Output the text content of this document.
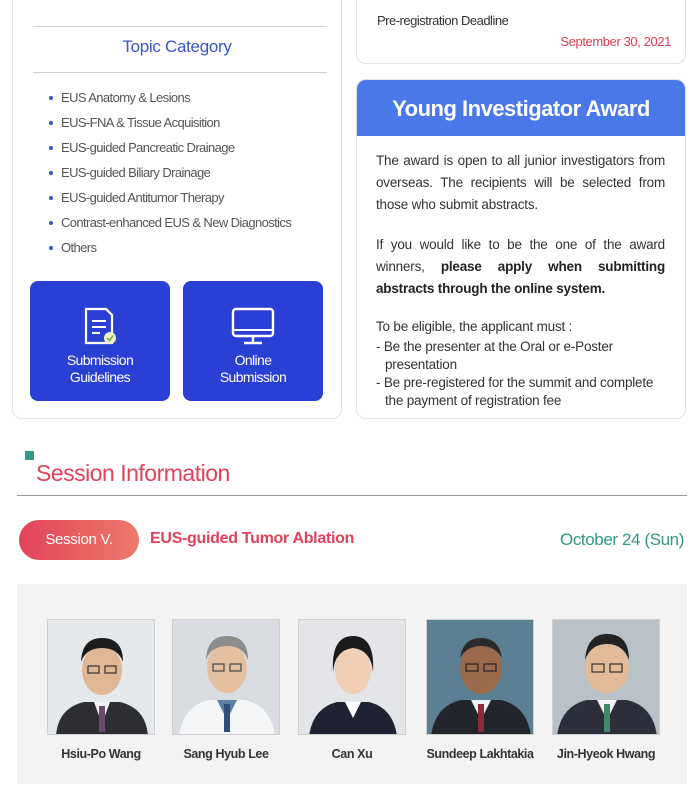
Topic Category
EUS Anatomy & Lesions
EUS-FNA & Tissue Acquisition
EUS-guided Pancreatic Drainage
EUS-guided Biliary Drainage
EUS-guided Antitumor Therapy
Contrast-enhanced EUS & New Diagnostics
Others
Submission
Guidelines
Online
Submission
Pre-registration Deadline
September 30, 2021
Young Investigator Award

The award is open to all junior investigators from overseas. The recipients will be selected from those who submit abstracts.

If you would like to be the one of the award winners, please apply when submitting abstracts through the online system.

To be eligible, the applicant must :
- Be the presenter at the Oral or e-Poster presentation
- Be pre-registered for the summit and complete the payment of registration fee
Session Information
Session V.	EUS-guided Tumor Ablation	October 24 (Sun)
Hsiu-Po Wang	Sang Hyub Lee	Can Xu	Sundeep Lakhtakia	Jin-Hyeok Hwang
